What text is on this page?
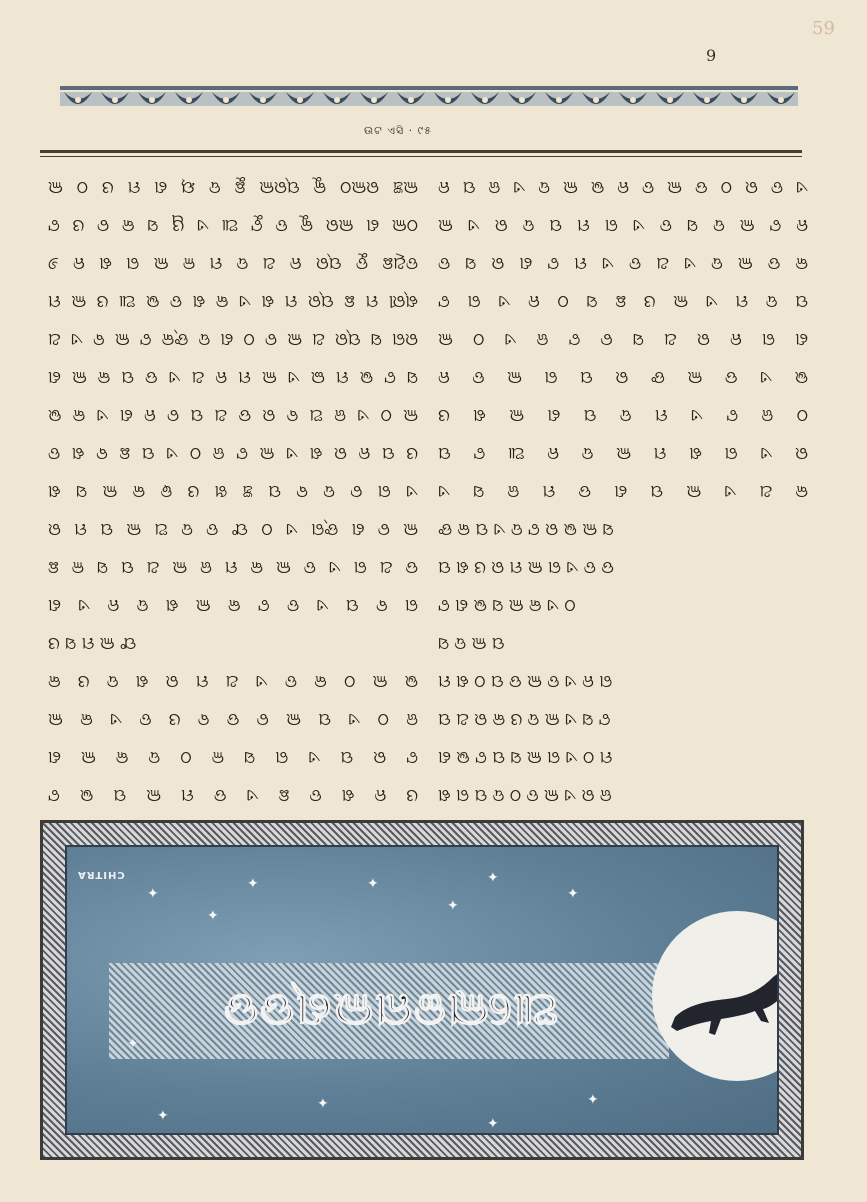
59
9
ଉଟ ଏସି · ୯୫
ଲଞ୍ଚ ରଲଠ କୁ ପ୍ରଲ ଛୁ ଦ ୟ ଣ ମ ଓ ଠ ଲ
ଠଲ ଣ ଲର କୁ ତ ଟୁ ଆ ଏ ୱ ସ କ ଚ ଓ ଟ
ତଥିଛ ତୁ ପ୍ର ନ ଥ ଦ ମ ଳ ଲ ଗ ଶ ନ ୬
ଶ୍ରୀ ମ ଛ ପ୍ର ମ ଶ ଏ କ ଶ ତ ଭ ଆ ଓ ଲ ମ
ରଗ ସ ପ୍ର ଥ ଲ ଚ ଠ ଣ ଦ ଙ୍କ ଟ ଲ ବ ଏ ଥ
ସ ଟ ଭ ମ ଇ ଏ ଲ ମ ନ ଥ ଏ ଡ ପ କ ଲ ଣ
ଲ ଠ ଏ ଜ ଅ ବ ର ଡ ଥ ପ ଚ ନ ଣ ଏ କ ଭ
ଓ ପ ନ ର ଶ ଏ ଲ ଟ ଜ ଠ ଏ ପ ଛ ବ ଶ ତ
ଏ ଗ ଚ ଦ ବ ପ ଞ୍ଚ ଖ ଓ ଢ କ ଲ ସ ଶ
ଲ ଚ ଣ ଙ୍ଗ ଏ ଠ ଫ ତ ଦ ଅ ଲ ପ ମ ର
ଡ ଥ ଗ ଏ ତ ଲ କ ମ ଜ ଲ ଥ ପ ସ ଳ ଛ
ଗ ବ ପ ଏ ତ ଟ କ ଲ ଶ ଦ ନ ଏ ଣ
ଫ ଲ ମ ସ ଓ
ଭ ଲ ଠ କ ତ ଏ ଥ ମ ର ଶ ଦ ଓ କ
ଜ ଠ ଏ ପ ଲ ଚ ଡ ବ ଓ ତ ଏ କ ଲ
ଟ ର ପ ଏ ଗ ସ ଳ ଠ ଦ କ ଲ ଣ
ଓ ନ ଶ ତ ଛ ଏ ଡ ମ ଲ ପ ଭ ଟ
ଏ ତ ର ଠ ଡ ଲ ତ ନ ଭ ଲ ଦ ଏ ଜ ପ ନ
ନ ଟ ଲ ଦ ସ ତ ଏ ଗ ମ ପ ଦ ର ଏ ଲ
କ ଡ ଲ ଦ ଏ ଥ ତ ଏ ମ ଟ ଣ ର ସ ତ
ପ ଦ ମ ଏ ଲ ଓ ଛ ସ ଠ ନ ଏ ଗ ଟ
ଣ ଗ ନ ର ଥ ସ ଚ ଟ ଜ ଏ ଠ ଲ
ଭ ଏ ଡ ଲ ଙ ର ପ ଗ ଲ ତ ନ
ଠ ଜ ଟ ଏ ମ ଦ ପ ଣ ଲ ଶ ଓ
ର ଏ ଗ ଶ ମ ଲ ଦ ନ ଆ ଟ ପ
କ ଥ ଏ ଲ ପ ଣ ଡ ମ ଜ ସ ଏ
ସ ଲ ଭ ର ଟ ଦ ଏ ପ କ ଙ
ଡ ତ ଏ ଗ ଲ ମ ର ଓ ଶ ପ
ଠ ଏ କ ଲ ସ ଭ ଣ ଟ
ପ ଲ ଦ ସ
ଗ ନ ଏ ତ ଲ ଡ ପ ଠ ଶ ମ
ଟ ସ ଏ ଲ ଦ ଓ କ ର ଥ ପ
ମ ଠ ଏ ଗ ଲ ସ ପ ଟ ଭ ଣ
ଜ ର ଏ ଲ ତ ଠ ଦ ପ ଗ ଶ
CHITRA
ଆଲୋଚ୍ଚନାଲଣ୍ଡଡ
✦
✦
✦
✦
✦
✦
✦
✦
✦
✦
✦
✦
